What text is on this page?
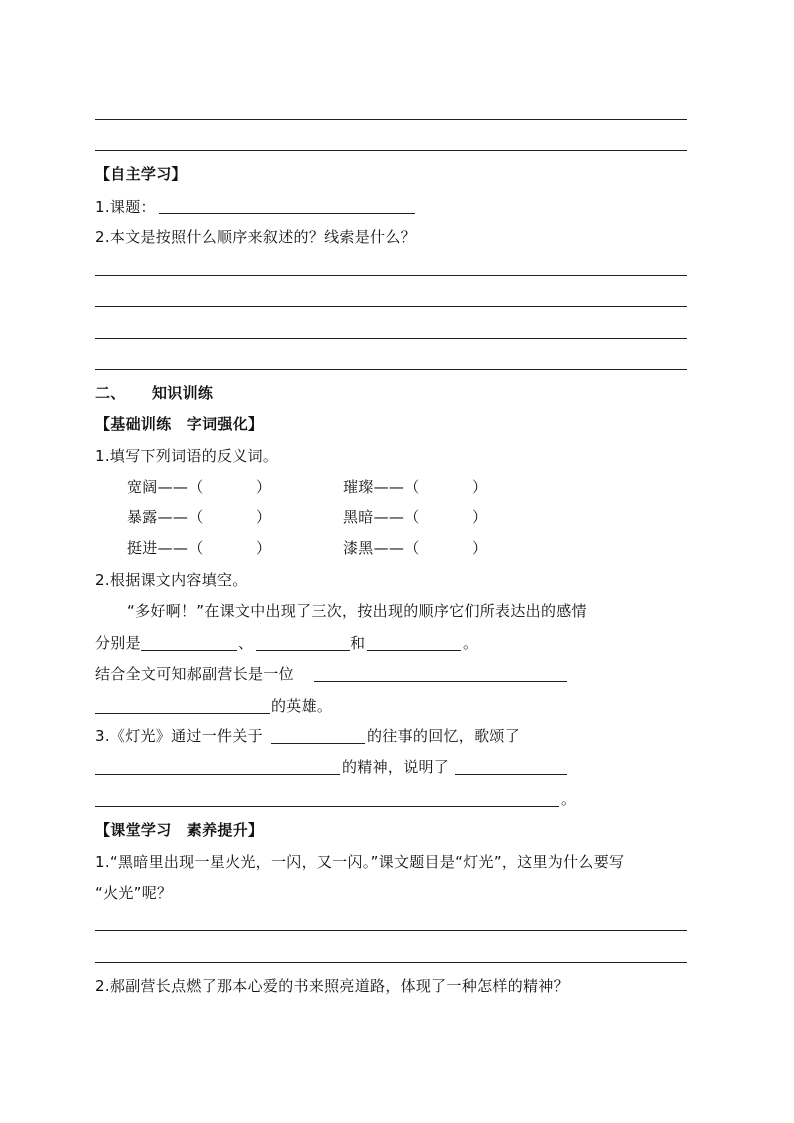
【自主学习】
1.课题：
2.本文是按照什么顺序来叙述的？线索是什么？
二、 知识训练
【基础训练　字词强化】
1.填写下列词语的反义词。
宽阔——（	）	璀璨——（	）
暴露——（	）	黑暗——（	）
挺进——（	）	漆黑——（	）
2.根据课文内容填空。
“多好啊！”在课文中出现了三次，按出现的顺序它们所表达出的感情
分别是	、	和	。
结合全文可知郝副营长是一位
的英雄。
3.《灯光》通过一件关于	的往事的回忆，歌颂了
的精神，说明了
。
【课堂学习　素养提升】
1.“黑暗里出现一星火光，一闪，又一闪。”课文题目是“灯光”，这里为什么要写
“火光”呢？
2.郝副营长点燃了那本心爱的书来照亮道路，体现了一种怎样的精神？
